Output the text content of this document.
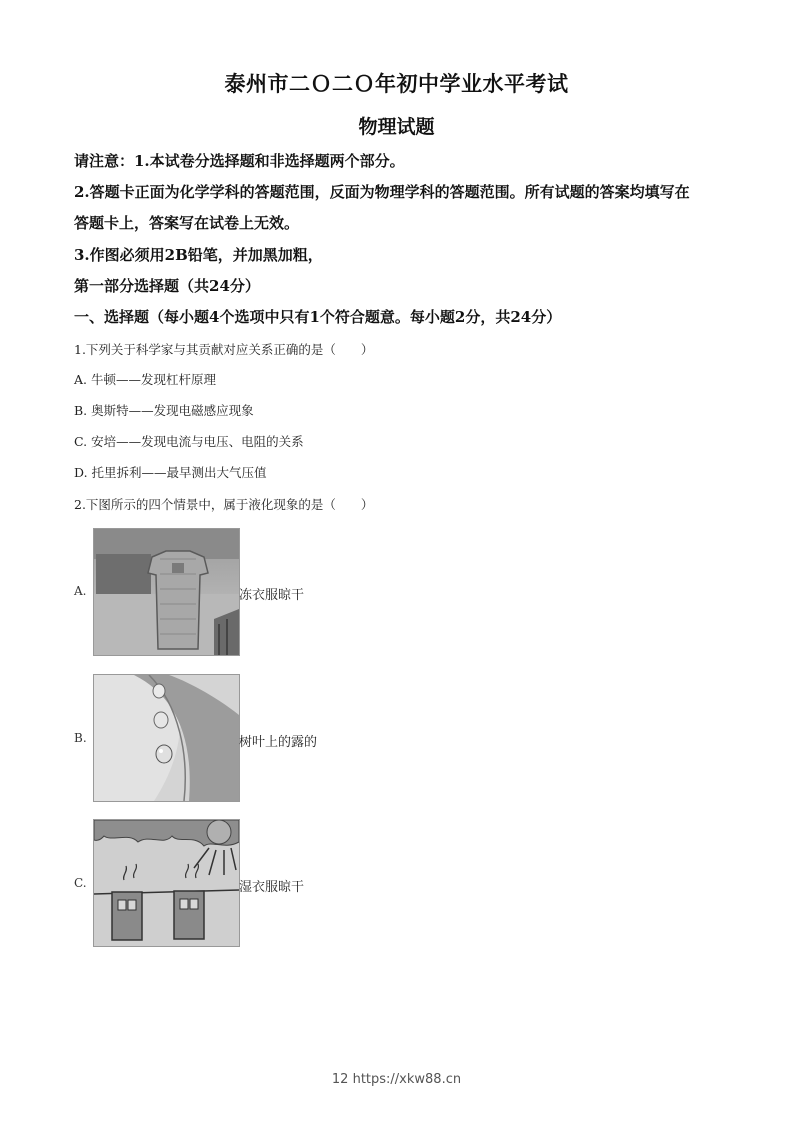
泰州市二Ｏ二Ｏ年初中学业水平考试
物理试题
请注意：1.本试卷分选择题和非选择题两个部分。
2.答题卡正面为化学学科的答题范围，反面为物理学科的答题范围。所有试题的答案均填写在
答题卡上，答案写在试卷上无效。
3.作图必须用2B铅笔，并加黑加粗，
第一部分选择题（共24分）
一、选择题（每小题4个选项中只有1个符合题意。每小题2分，共24分）
1.下列关于科学家与其贡献对应关系正确的是（　　）
A. 牛顿——发现杠杆原理
B. 奥斯特——发现电磁感应现象
C. 安培——发现电流与电压、电阻的关系
D. 托里拆利——最早测出大气压值
2.下图所示的四个情景中，属于液化现象的是（　　）
A.	冻衣服晾干
B.	树叶上的露的
C.	湿衣服晾干
12 https://xkw88.cn
